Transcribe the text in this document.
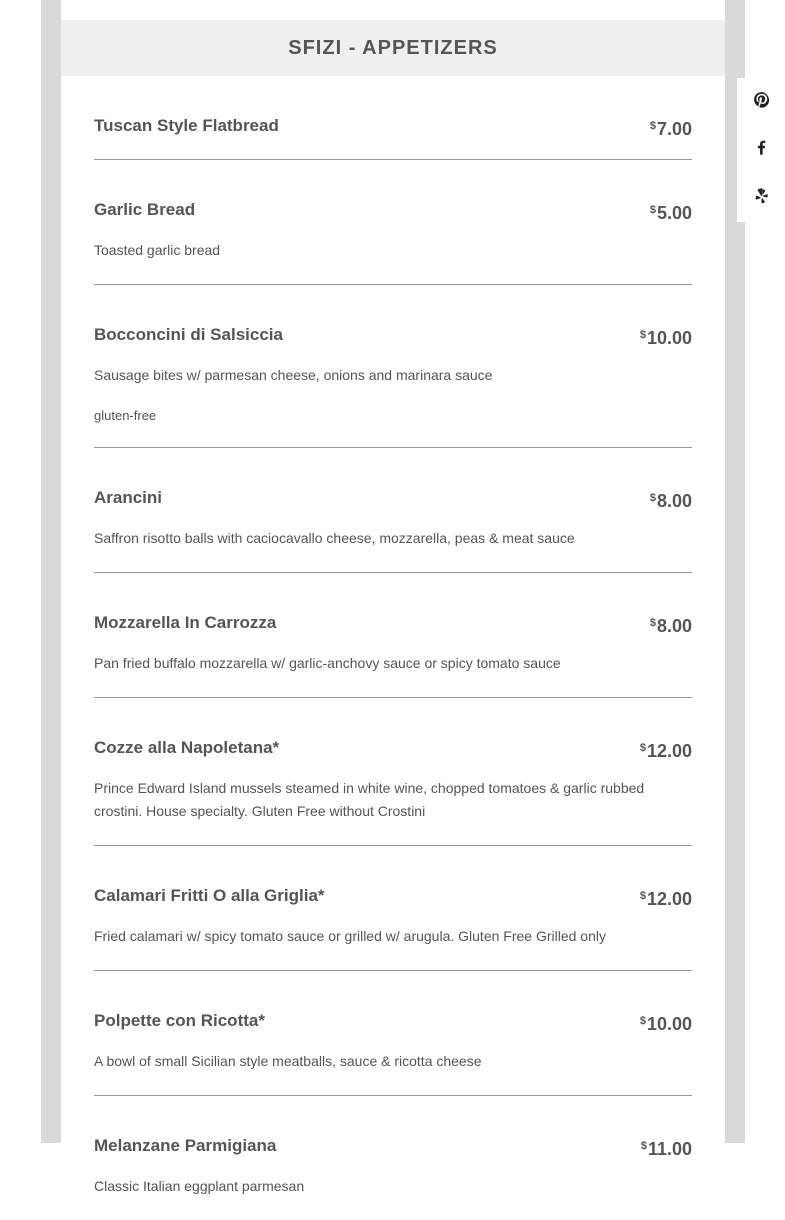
SFIZI - APPETIZERS
Tuscan Style Flatbread	$7.00
Garlic Bread	$5.00
Toasted garlic bread
Bocconcini di Salsiccia	$10.00
Sausage bites w/ parmesan cheese, onions and marinara sauce
gluten-free
Arancini	$8.00
Saffron risotto balls with caciocavallo cheese, mozzarella, peas & meat sauce
Mozzarella In Carrozza	$8.00
Pan fried buffalo mozzarella w/ garlic-anchovy sauce or spicy tomato sauce
Cozze alla Napoletana*	$12.00
Prince Edward Island mussels steamed in white wine, chopped tomatoes & garlic rubbed crostini. House specialty. Gluten Free without Crostini
Calamari Fritti O alla Griglia*	$12.00
Fried calamari w/ spicy tomato sauce or grilled w/ arugula. Gluten Free Grilled only
Polpette con Ricotta*	$10.00
A bowl of small Sicilian style meatballs, sauce & ricotta cheese
Melanzane Parmigiana	$11.00
Classic Italian eggplant parmesan
